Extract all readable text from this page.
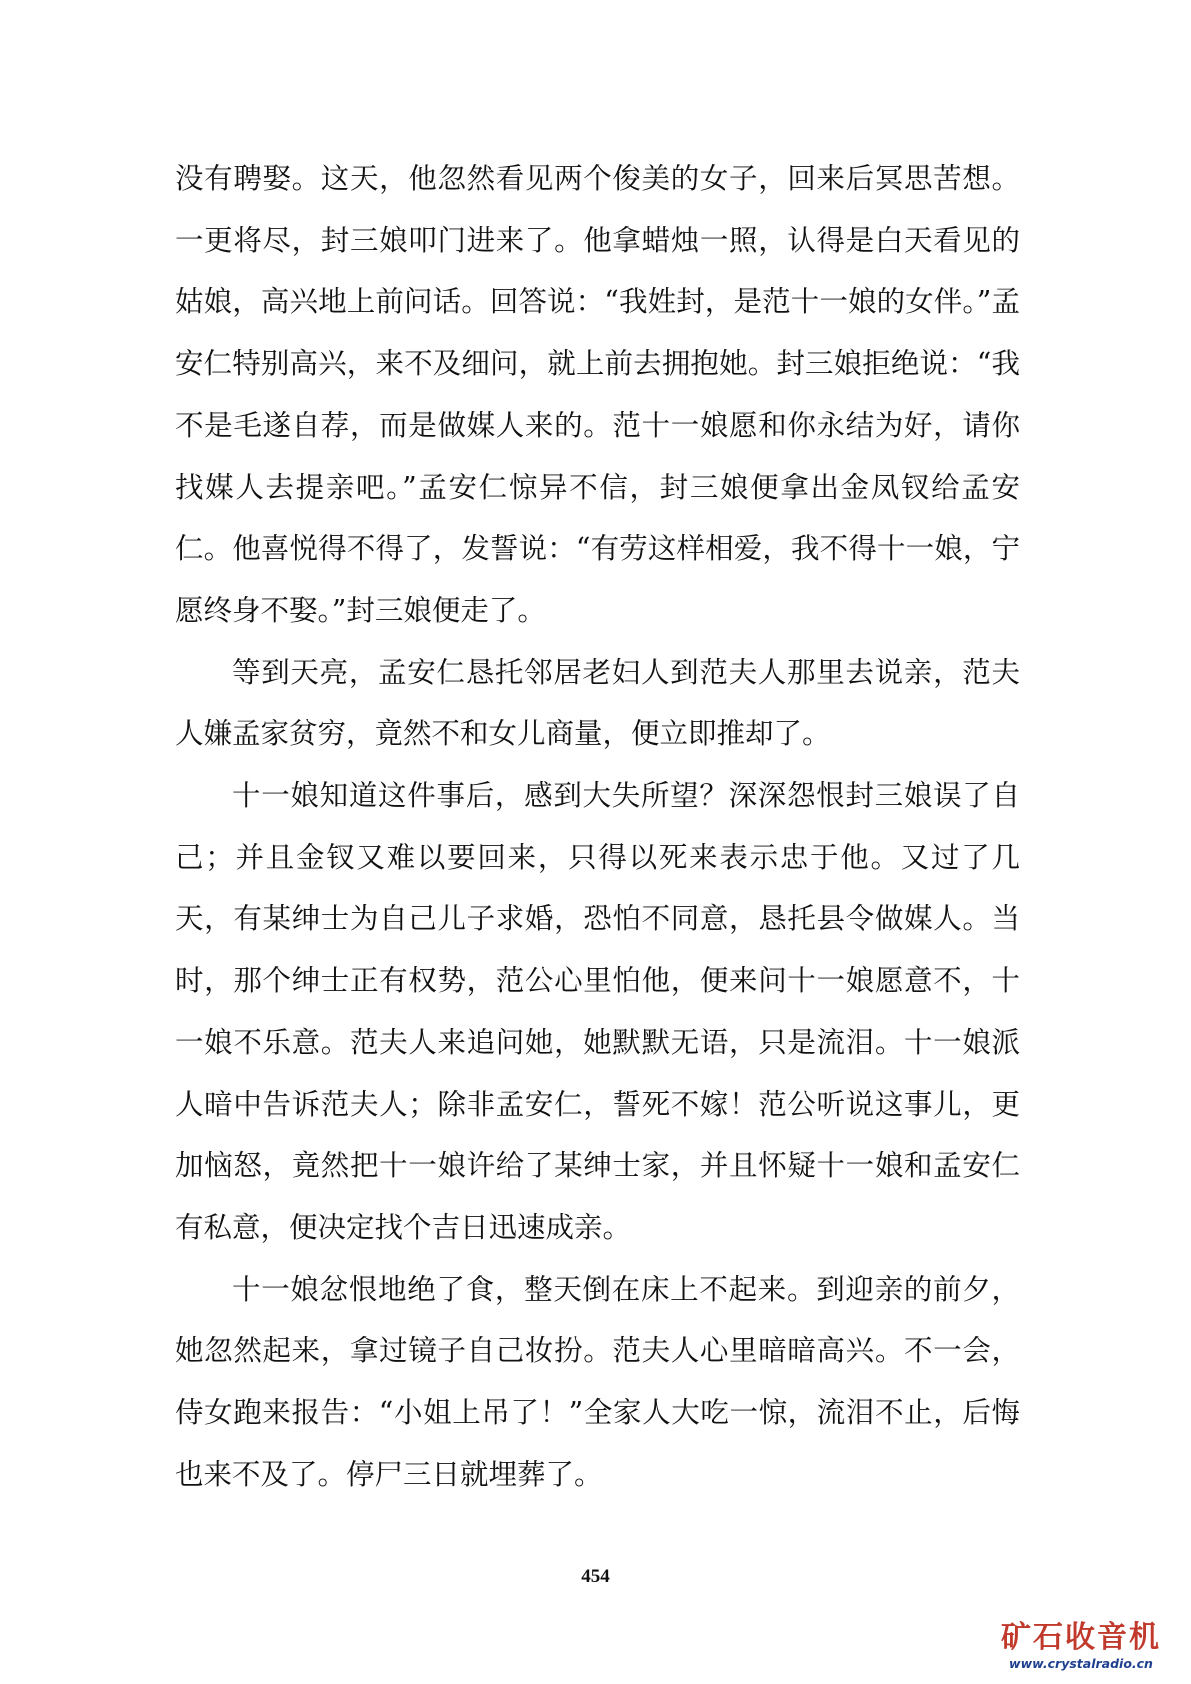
没有聘娶。这天，他忽然看见两个俊美的女子，回来后冥思苦想。一更将尽，封三娘叩门进来了。他拿蜡烛一照，认得是白天看见的姑娘，高兴地上前问话。回答说：“我姓封，是范十一娘的女伴。”孟安仁特别高兴，来不及细问，就上前去拥抱她。封三娘拒绝说：“我不是毛遂自荐，而是做媒人来的。范十一娘愿和你永结为好，请你找媒人去提亲吧。”孟安仁惊异不信，封三娘便拿出金凤钗给孟安仁。他喜悦得不得了，发誓说：“有劳这样相爱，我不得十一娘，宁愿终身不娶。”封三娘便走了。

等到天亮，孟安仁恳托邻居老妇人到范夫人那里去说亲，范夫人嫌孟家贫穷，竟然不和女儿商量，便立即推却了。

十一娘知道这件事后，感到大失所望？深深怨恨封三娘误了自己；并且金钗又难以要回来，只得以死来表示忠于他。又过了几天，有某绅士为自己儿子求婚，恐怕不同意，恳托县令做媒人。当时，那个绅士正有权势，范公心里怕他，便来问十一娘愿意不，十一娘不乐意。范夫人来追问她，她默默无语，只是流泪。十一娘派人暗中告诉范夫人；除非孟安仁，誓死不嫁！范公听说这事儿，更加恼怒，竟然把十一娘许给了某绅士家，并且怀疑十一娘和孟安仁有私意，便决定找个吉日迅速成亲。

十一娘忿恨地绝了食，整天倒在床上不起来。到迎亲的前夕，她忽然起来，拿过镜子自己妆扮。范夫人心里暗暗高兴。不一会，侍女跑来报告：“小姐上吊了！”全家人大吃一惊，流泪不止，后悔也来不及了。停尸三日就埋葬了。

454
矿石收音机
www.crystalradio.cn
